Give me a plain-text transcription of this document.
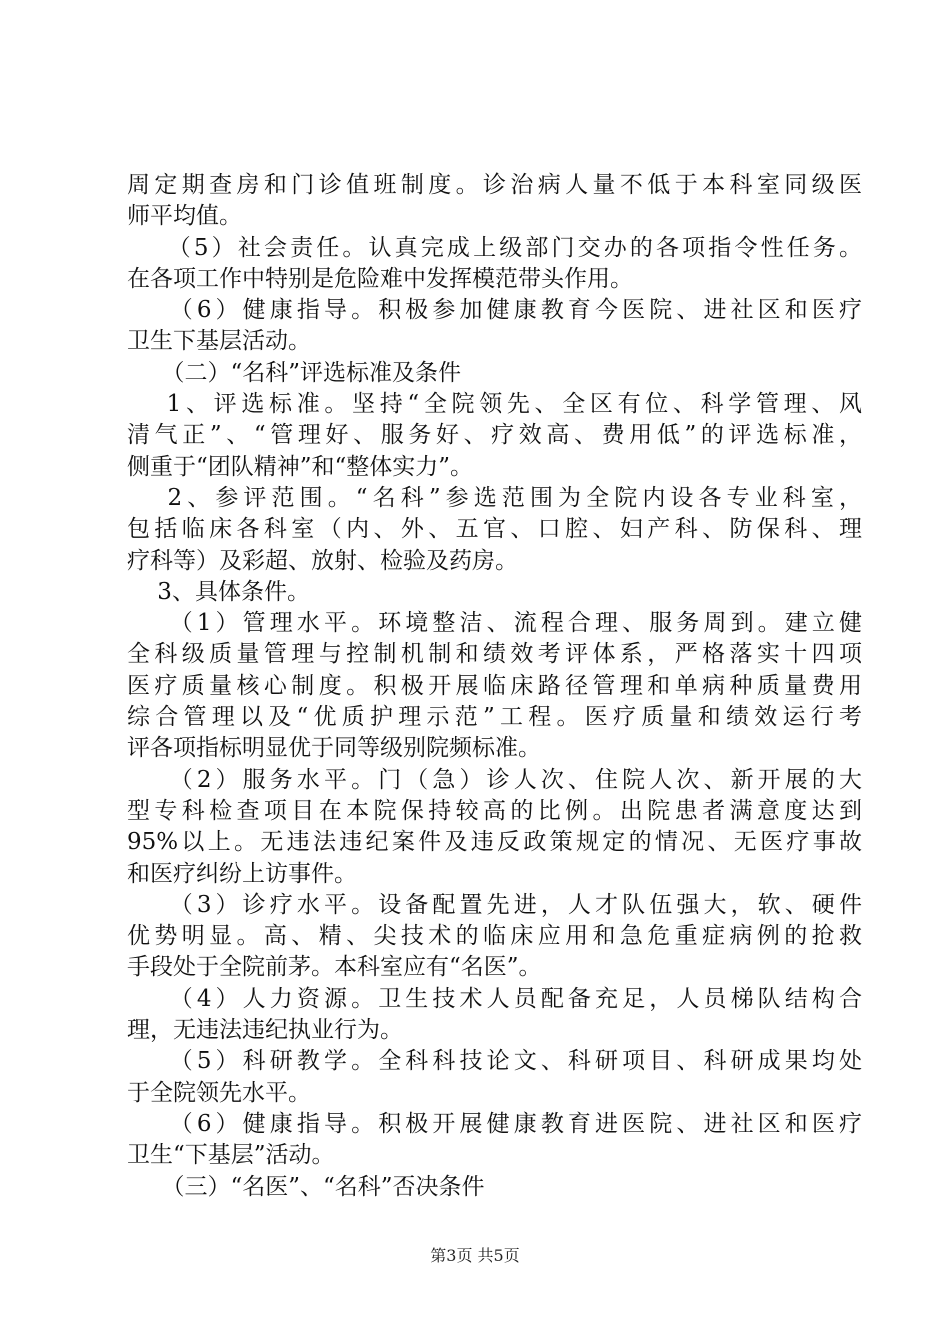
周定期查房和门诊值班制度。诊治病人量不低于本科室同级医
师平均值。
　　（5）社会责任。认真完成上级部门交办的各项指令性任务。
在各项工作中特别是危险难中发挥模范带头作用。
　　（6）健康指导。积极参加健康教育今医院、进社区和医疗
卫生下基层活动。
　　（二）“名科”评选标准及条件
　 1、评选标准。坚持“全院领先、全区有位、科学管理、风
清气正”、“管理好、服务好、疗效高、费用低”的评选标准，
侧重于“团队精神”和“整体实力”。
　 2、参评范围。“名科”参选范围为全院内设各专业科室，
包括临床各科室（内、外、五官、口腔、妇产科、防保科、理
疗科等）及彩超、放射、检验及药房。
　 3、具体条件。
　　（1）管理水平。环境整洁、流程合理、服务周到。建立健
全科级质量管理与控制机制和绩效考评体系，严格落实十四项
医疗质量核心制度。积极开展临床路径管理和单病种质量费用
综合管理以及“优质护理示范”工程。医疗质量和绩效运行考
评各项指标明显优于同等级别院频标准。
　　（2）服务水平。门（急）诊人次、住院人次、新开展的大
型专科检查项目在本院保持较高的比例。出院患者满意度达到
95%以上。无违法违纪案件及违反政策规定的情况、无医疗事故
和医疗纠纷上访事件。
　　（3）诊疗水平。设备配置先进，人才队伍强大，软、硬件
优势明显。高、精、尖技术的临床应用和急危重症病例的抢救
手段处于全院前茅。本科室应有“名医”。
　　（4）人力资源。卫生技术人员配备充足，人员梯队结构合
理，无违法违纪执业行为。
　　（5）科研教学。全科科技论文、科研项目、科研成果均处
于全院领先水平。
　　（6）健康指导。积极开展健康教育进医院、进社区和医疗
卫生“下基层”活动。
　　（三）“名医”、“名科”否决条件
第3页 共5页
